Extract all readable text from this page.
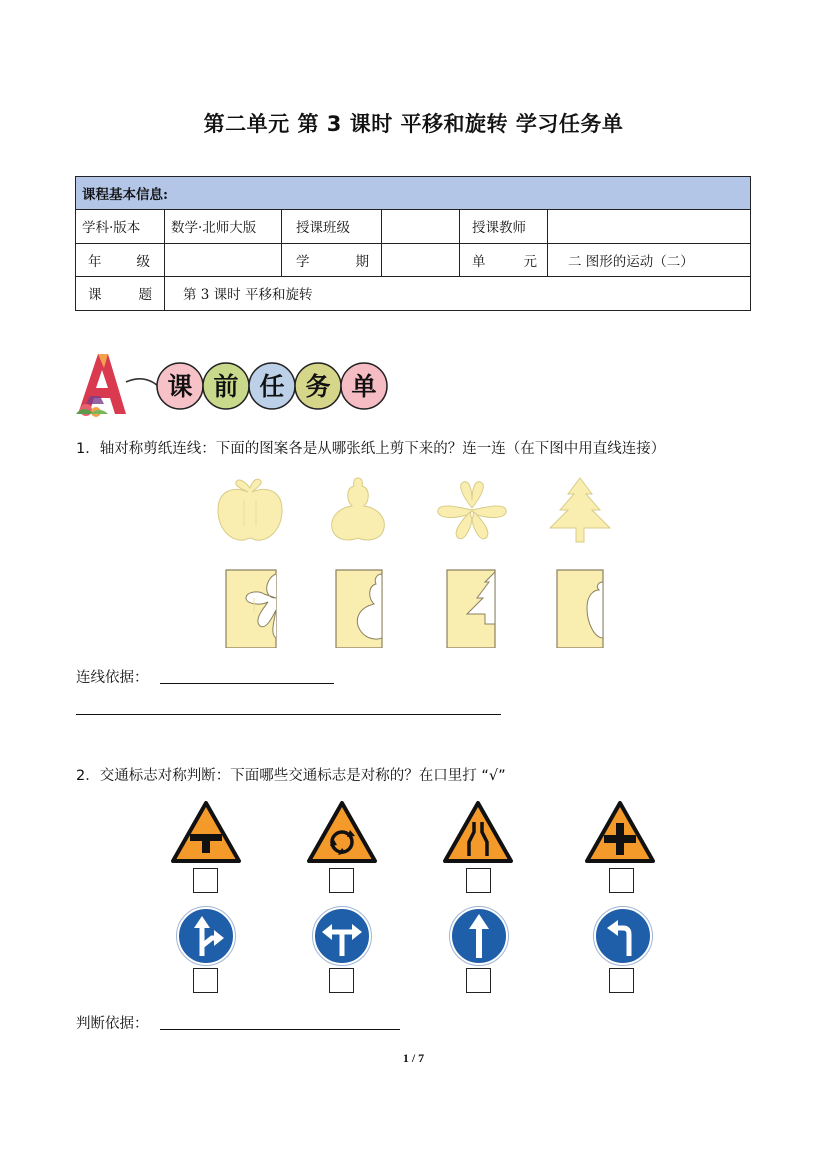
第二单元 第 3 课时 平移和旋转 学习任务单
课程基本信息:					
学科·版本	数学·北师大版	授课班级		授课教师	

年 级		学 期		单 元	二 图形的运动（二）

课 题	第 3 课时 平移和旋转				
课 前 任 务 单
1．轴对称剪纸连线：下面的图案各是从哪张纸上剪下来的？连一连（在下图中用直线连接）
连线依据：
2．交通标志对称判断：下面哪些交通标志是对称的？在口里打 “√”
判断依据：
1 / 7
